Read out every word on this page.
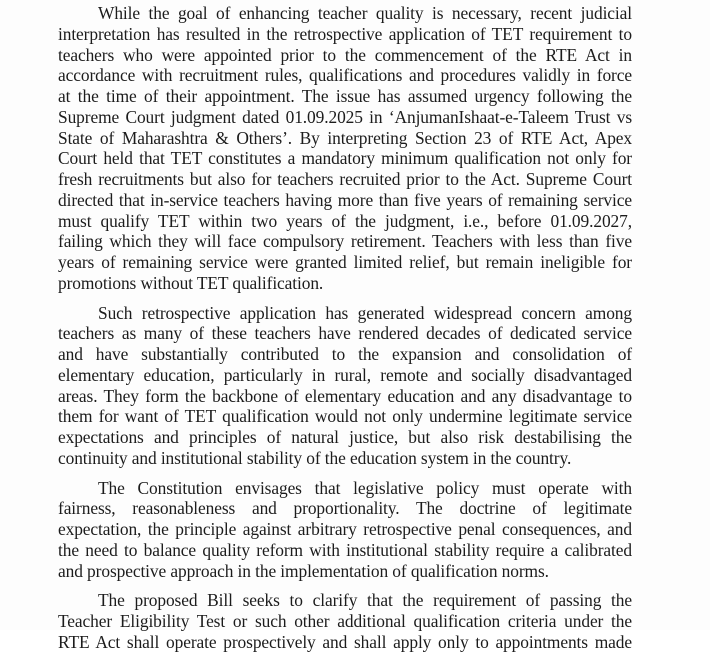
While the goal of enhancing teacher quality is necessary, recent judicial
interpretation has resulted in the retrospective application of TET requirement to
teachers who were appointed prior to the commencement of the RTE Act in
accordance with recruitment rules, qualifications and procedures validly in force
at the time of their appointment. The issue has assumed urgency following the
Supreme Court judgment dated 01.09.2025 in ‘AnjumanIshaat-e-Taleem Trust vs
State of Maharashtra & Others’. By interpreting Section 23 of RTE Act, Apex
Court held that TET constitutes a mandatory minimum qualification not only for
fresh recruitments but also for teachers recruited prior to the Act. Supreme Court
directed that in-service teachers having more than five years of remaining service
must qualify TET within two years of the judgment, i.e., before 01.09.2027,
failing which they will face compulsory retirement. Teachers with less than five
years of remaining service were granted limited relief, but remain ineligible for
promotions without TET qualification.

Such retrospective application has generated widespread concern among
teachers as many of these teachers have rendered decades of dedicated service
and have substantially contributed to the expansion and consolidation of
elementary education, particularly in rural, remote and socially disadvantaged
areas. They form the backbone of elementary education and any disadvantage to
them for want of TET qualification would not only undermine legitimate service
expectations and principles of natural justice, but also risk destabilising the
continuity and institutional stability of the education system in the country.

The Constitution envisages that legislative policy must operate with
fairness, reasonableness and proportionality. The doctrine of legitimate
expectation, the principle against arbitrary retrospective penal consequences, and
the need to balance quality reform with institutional stability require a calibrated
and prospective approach in the implementation of qualification norms.

The proposed Bill seeks to clarify that the requirement of passing the
Teacher Eligibility Test or such other additional qualification criteria under the
RTE Act shall operate prospectively and shall apply only to appointments made
